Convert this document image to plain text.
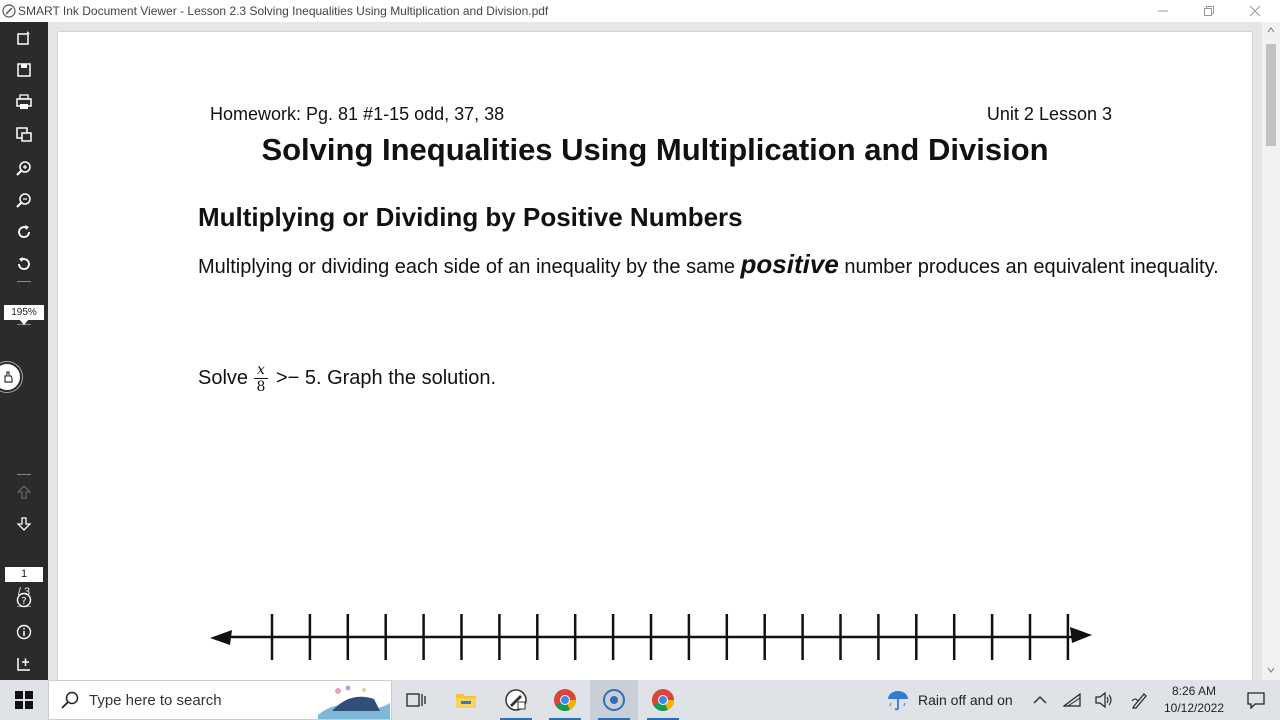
SMART Ink Document Viewer - Lesson 2.3 Solving Inequalities Using Multiplication and Division.pdf
195%
1
/ 3
?
Homework: Pg. 81 #1-15 odd, 37, 38	Unit 2 Lesson 3
Solving Inequalities Using Multiplication and Division
Multiplying or Dividing by Positive Numbers
Multiplying or dividing each side of an inequality by the same positive number produces an equivalent inequality.
Solve $\frac{x}{8} >- 5$. Graph the solution.
Type here to search	Rain off and on
8:26 AM
10/12/2022
